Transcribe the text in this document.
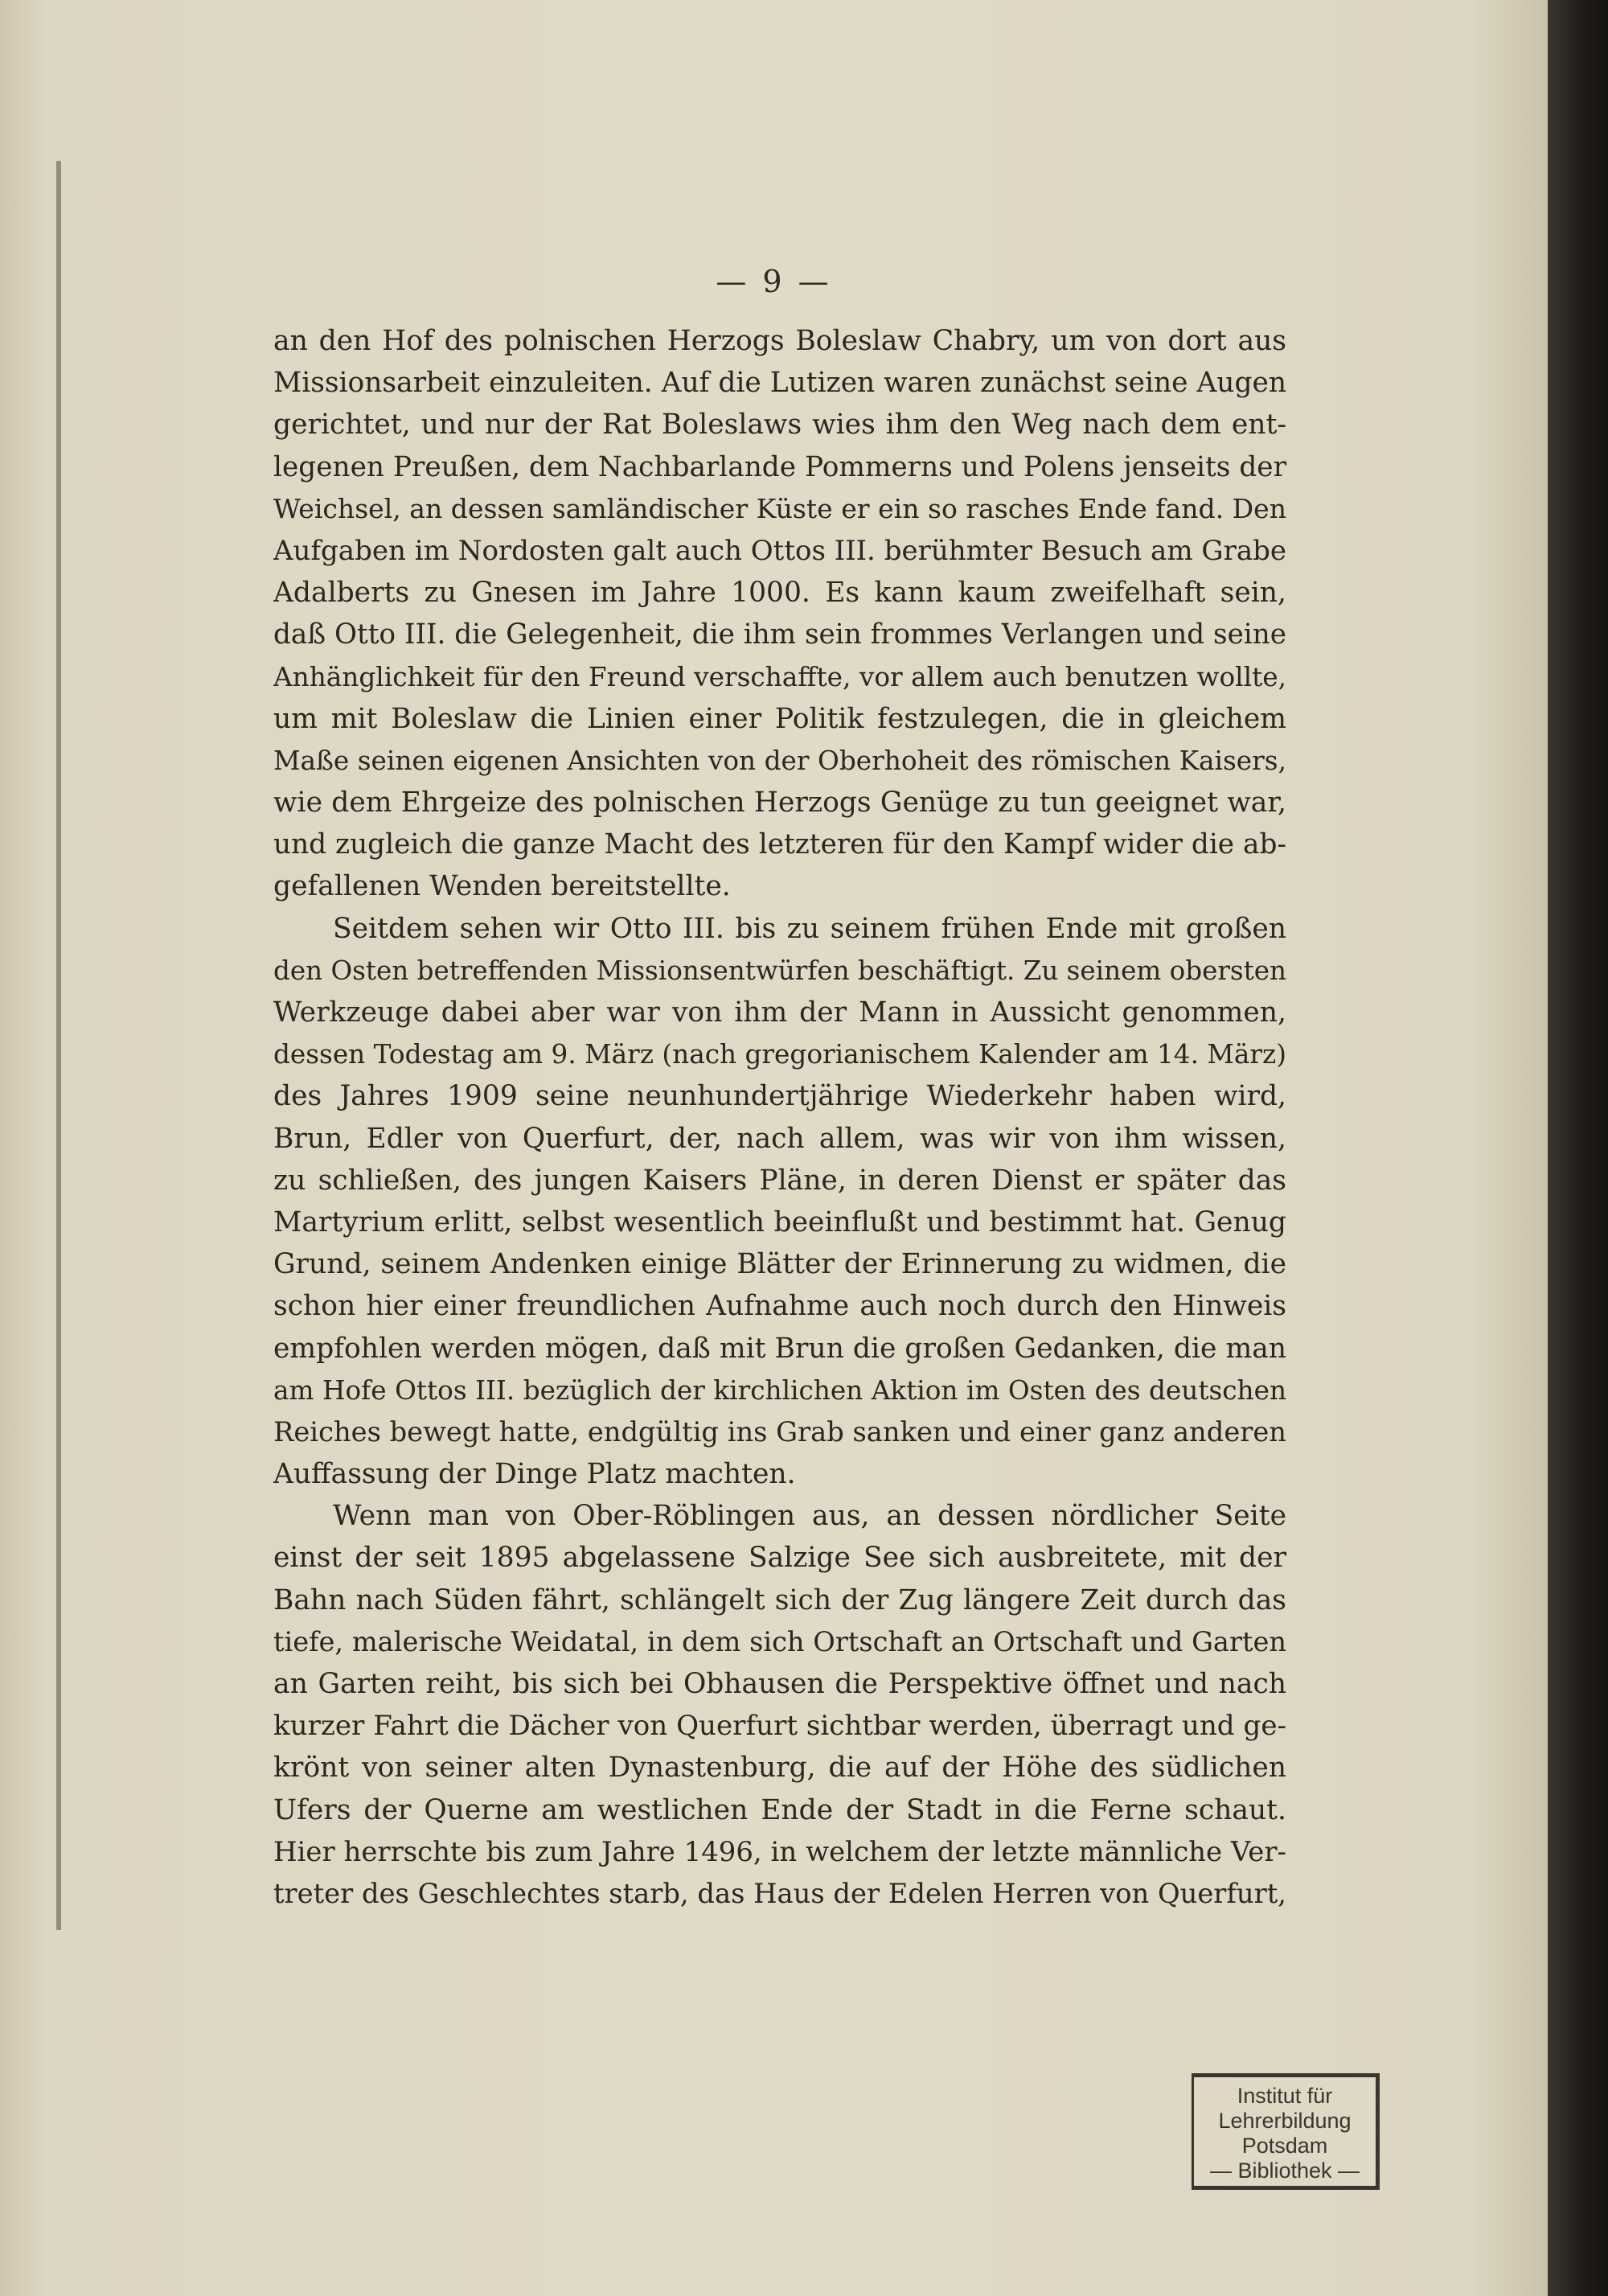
— 9 —
an den Hof des polnischen Herzogs Boleslaw Chabry, um von dort aus
Missionsarbeit einzuleiten. Auf die Lutizen waren zunächst seine Augen
gerichtet, und nur der Rat Boleslaws wies ihm den Weg nach dem ent-
legenen Preußen, dem Nachbarlande Pommerns und Polens jenseits der
Weichsel, an dessen samländischer Küste er ein so rasches Ende fand. Den
Aufgaben im Nordosten galt auch Ottos III. berühmter Besuch am Grabe
Adalberts zu Gnesen im Jahre 1000. Es kann kaum zweifelhaft sein,
daß Otto III. die Gelegenheit, die ihm sein frommes Verlangen und seine
Anhänglichkeit für den Freund verschaffte, vor allem auch benutzen wollte,
um mit Boleslaw die Linien einer Politik festzulegen, die in gleichem
Maße seinen eigenen Ansichten von der Oberhoheit des römischen Kaisers,
wie dem Ehrgeize des polnischen Herzogs Genüge zu tun geeignet war,
und zugleich die ganze Macht des letzteren für den Kampf wider die ab-
gefallenen Wenden bereitstellte.
Seitdem sehen wir Otto III. bis zu seinem frühen Ende mit großen
den Osten betreffenden Missionsentwürfen beschäftigt. Zu seinem obersten
Werkzeuge dabei aber war von ihm der Mann in Aussicht genommen,
dessen Todestag am 9. März (nach gregorianischem Kalender am 14. März)
des Jahres 1909 seine neunhundertjährige Wiederkehr haben wird,
Brun, Edler von Querfurt, der, nach allem, was wir von ihm wissen,
zu schließen, des jungen Kaisers Pläne, in deren Dienst er später das
Martyrium erlitt, selbst wesentlich beeinflußt und bestimmt hat. Genug
Grund, seinem Andenken einige Blätter der Erinnerung zu widmen, die
schon hier einer freundlichen Aufnahme auch noch durch den Hinweis
empfohlen werden mögen, daß mit Brun die großen Gedanken, die man
am Hofe Ottos III. bezüglich der kirchlichen Aktion im Osten des deutschen
Reiches bewegt hatte, endgültig ins Grab sanken und einer ganz anderen
Auffassung der Dinge Platz machten.
Wenn man von Ober-Röblingen aus, an dessen nördlicher Seite
einst der seit 1895 abgelassene Salzige See sich ausbreitete, mit der
Bahn nach Süden fährt, schlängelt sich der Zug längere Zeit durch das
tiefe, malerische Weidatal, in dem sich Ortschaft an Ortschaft und Garten
an Garten reiht, bis sich bei Obhausen die Perspektive öffnet und nach
kurzer Fahrt die Dächer von Querfurt sichtbar werden, überragt und ge-
krönt von seiner alten Dynastenburg, die auf der Höhe des südlichen
Ufers der Querne am westlichen Ende der Stadt in die Ferne schaut.
Hier herrschte bis zum Jahre 1496, in welchem der letzte männliche Ver-
treter des Geschlechtes starb, das Haus der Edelen Herren von Querfurt,
Institut für
Lehrerbildung
Potsdam
— Bibliothek —
